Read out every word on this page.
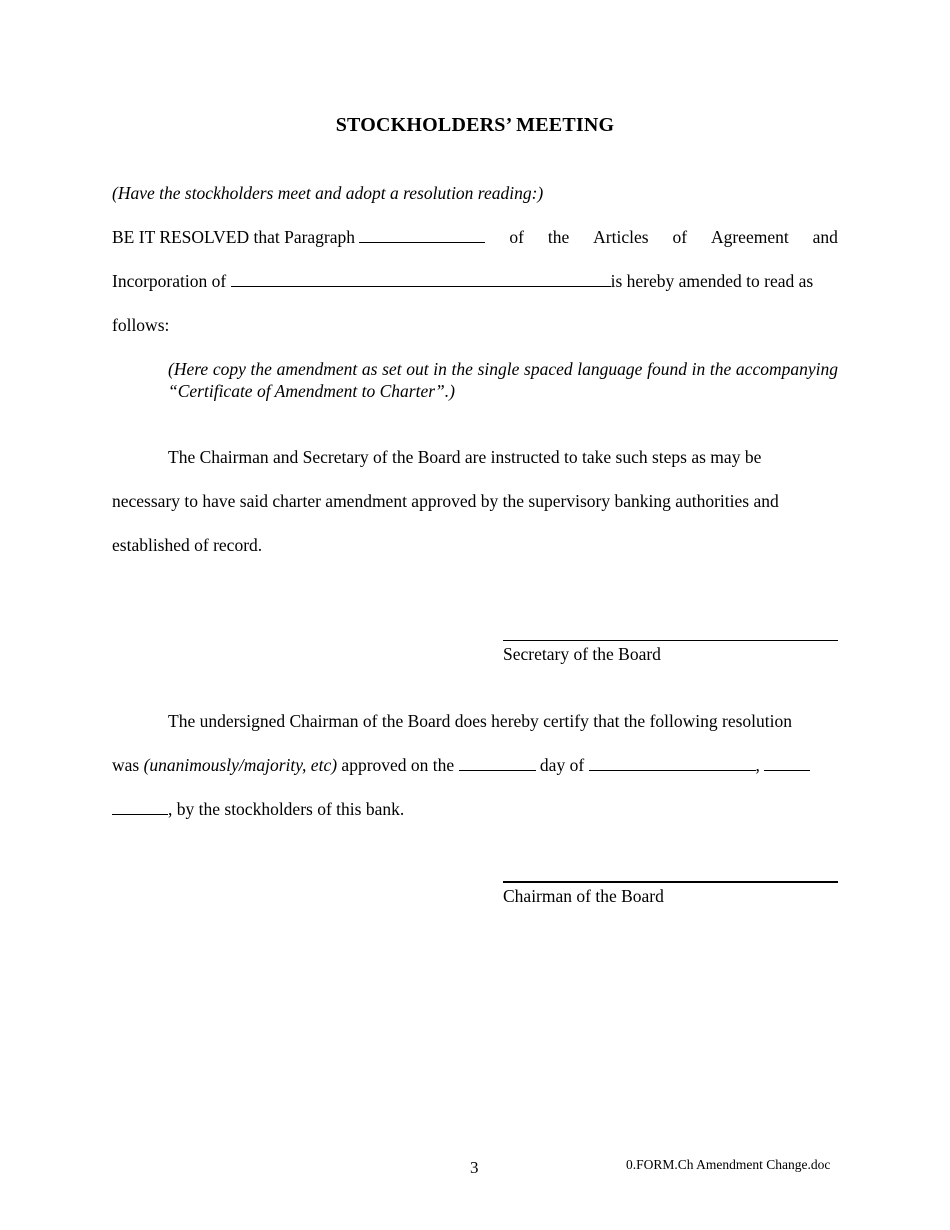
STOCKHOLDERS’ MEETING
(Have the stockholders meet and adopt a resolution reading:)
BE IT RESOLVED that Paragraph	of the Articles of Agreement and
Incorporation of	is hereby amended to read as
follows:
(Here copy the amendment as set out in the single spaced language found in the accompanying “Certificate of Amendment to Charter”.)
The Chairman and Secretary of the Board are instructed to take such steps as may be
necessary to have said charter amendment approved by the supervisory banking authorities and
established of record.
Secretary of the Board
The undersigned Chairman of the Board does hereby certify that the following resolution
was (unanimously/majority, etc) approved on the	day of	,
, by the stockholders of this bank.
Chairman of the Board
3	0.FORM.Ch Amendment Change.doc
